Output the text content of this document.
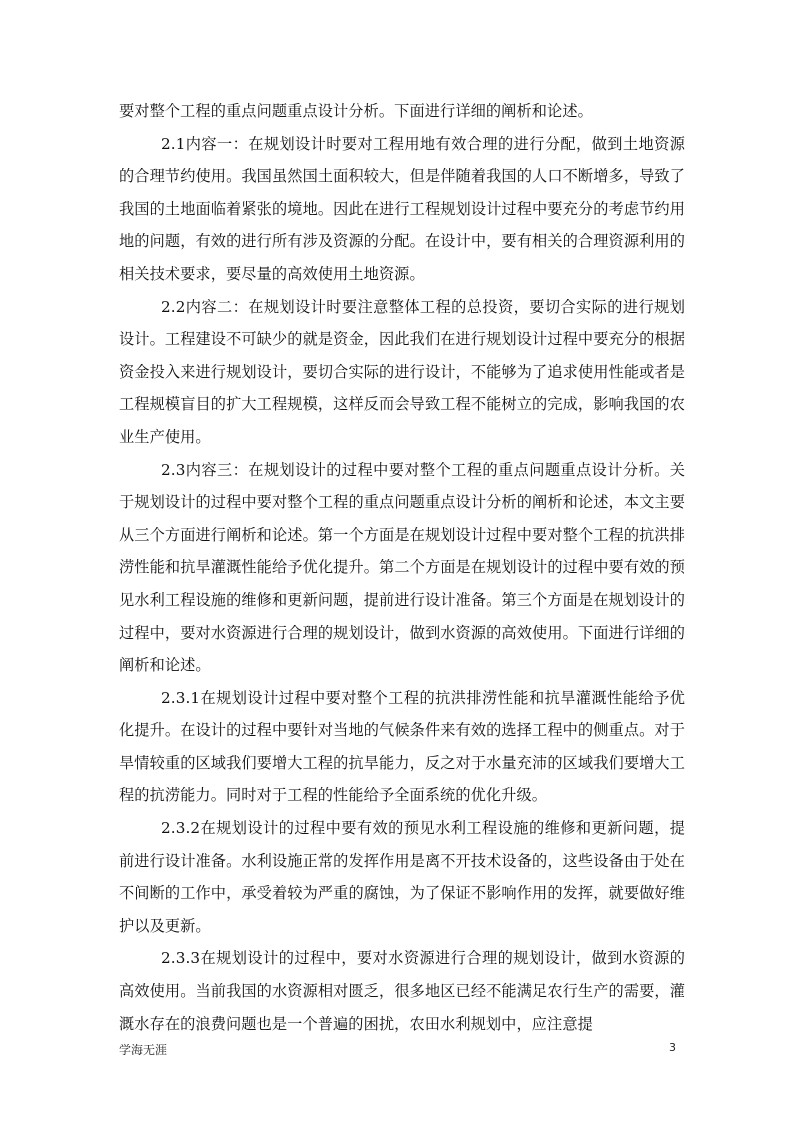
要对整个工程的重点问题重点设计分析。下面进行详细的阐析和论述。

2.1内容一：在规划设计时要对工程用地有效合理的进行分配，做到土地资源的合理节约使用。我国虽然国土面积较大，但是伴随着我国的人口不断增多，导致了我国的土地面临着紧张的境地。因此在进行工程规划设计过程中要充分的考虑节约用地的问题，有效的进行所有涉及资源的分配。在设计中，要有相关的合理资源利用的相关技术要求，要尽量的高效使用土地资源。

2.2内容二：在规划设计时要注意整体工程的总投资，要切合实际的进行规划设计。工程建设不可缺少的就是资金，因此我们在进行规划设计过程中要充分的根据资金投入来进行规划设计，要切合实际的进行设计，不能够为了追求使用性能或者是工程规模盲目的扩大工程规模，这样反而会导致工程不能树立的完成，影响我国的农业生产使用。

2.3内容三：在规划设计的过程中要对整个工程的重点问题重点设计分析。关于规划设计的过程中要对整个工程的重点问题重点设计分析的阐析和论述，本文主要从三个方面进行阐析和论述。第一个方面是在规划设计过程中要对整个工程的抗洪排涝性能和抗旱灌溉性能给予优化提升。第二个方面是在规划设计的过程中要有效的预见水利工程设施的维修和更新问题，提前进行设计准备。第三个方面是在规划设计的过程中，要对水资源进行合理的规划设计，做到水资源的高效使用。下面进行详细的阐析和论述。

2.3.1在规划设计过程中要对整个工程的抗洪排涝性能和抗旱灌溉性能给予优化提升。在设计的过程中要针对当地的气候条件来有效的选择工程中的侧重点。对于旱情较重的区域我们要增大工程的抗旱能力，反之对于水量充沛的区域我们要增大工程的抗涝能力。同时对于工程的性能给予全面系统的优化升级。

2.3.2在规划设计的过程中要有效的预见水利工程设施的维修和更新问题，提前进行设计准备。水利设施正常的发挥作用是离不开技术设备的，这些设备由于处在不间断的工作中，承受着较为严重的腐蚀，为了保证不影响作用的发挥，就要做好维护以及更新。

2.3.3在规划设计的过程中，要对水资源进行合理的规划设计，做到水资源的高效使用。当前我国的水资源相对匮乏，很多地区已经不能满足农行生产的需要，灌溉水存在的浪费问题也是一个普遍的困扰，农田水利规划中，应注意提

学海无涯	3
